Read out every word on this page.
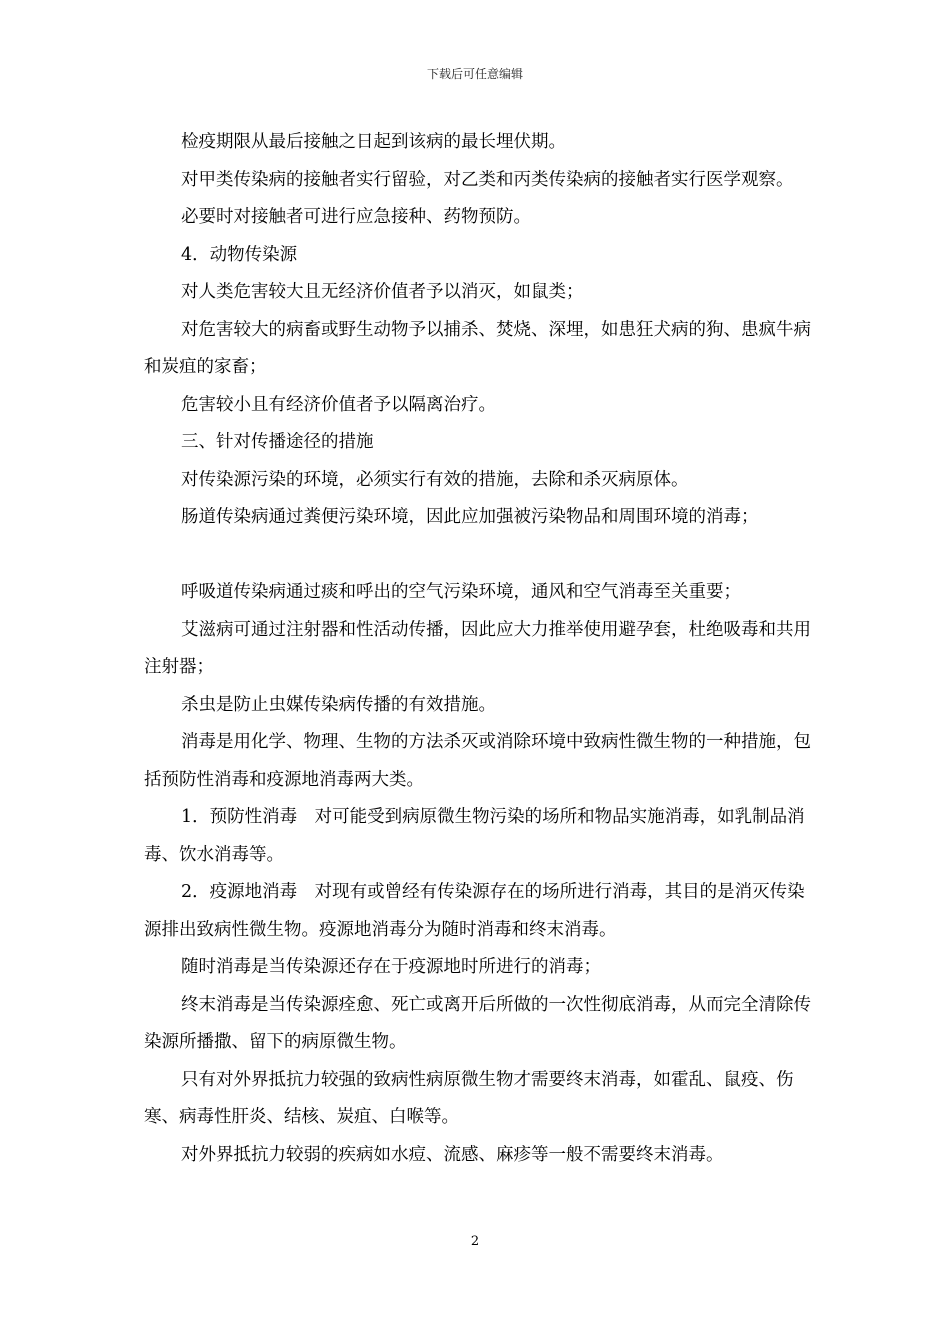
下载后可任意编辑

检疫期限从最后接触之日起到该病的最长埋伏期。

对甲类传染病的接触者实行留验，对乙类和丙类传染病的接触者实行医学观察。

必要时对接触者可进行应急接种、药物预防。

4．动物传染源

对人类危害较大且无经济价值者予以消灭，如鼠类；

对危害较大的病畜或野生动物予以捕杀、焚烧、深埋，如患狂犬病的狗、患疯牛病和炭疽的家畜；

危害较小且有经济价值者予以隔离治疗。

三、针对传播途径的措施

对传染源污染的环境，必须实行有效的措施，去除和杀灭病原体。

肠道传染病通过粪便污染环境，因此应加强被污染物品和周围环境的消毒；

呼吸道传染病通过痰和呼出的空气污染环境，通风和空气消毒至关重要；

艾滋病可通过注射器和性活动传播，因此应大力推举使用避孕套，杜绝吸毒和共用注射器；

杀虫是防止虫媒传染病传播的有效措施。

消毒是用化学、物理、生物的方法杀灭或消除环境中致病性微生物的一种措施，包括预防性消毒和疫源地消毒两大类。

1．预防性消毒　对可能受到病原微生物污染的场所和物品实施消毒，如乳制品消毒、饮水消毒等。

2．疫源地消毒　对现有或曾经有传染源存在的场所进行消毒，其目的是消灭传染源排出致病性微生物。疫源地消毒分为随时消毒和终末消毒。

随时消毒是当传染源还存在于疫源地时所进行的消毒；

终末消毒是当传染源痊愈、死亡或离开后所做的一次性彻底消毒，从而完全清除传染源所播撒、留下的病原微生物。

只有对外界抵抗力较强的致病性病原微生物才需要终末消毒，如霍乱、鼠疫、伤寒、病毒性肝炎、结核、炭疽、白喉等。

对外界抵抗力较弱的疾病如水痘、流感、麻疹等一般不需要终末消毒。

2
